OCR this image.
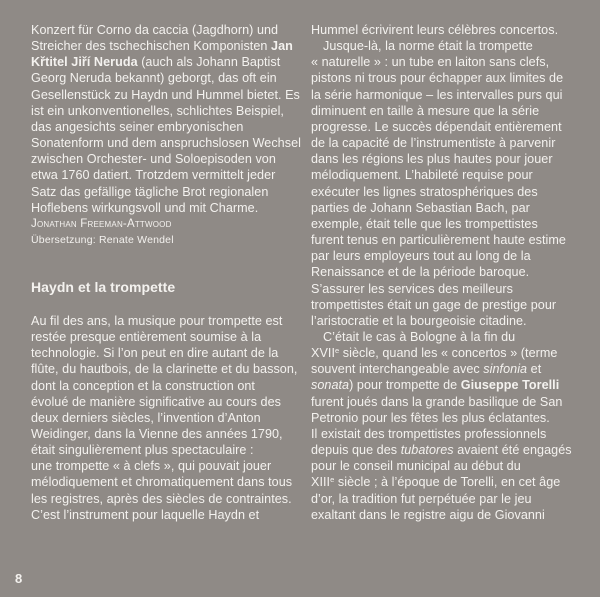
Konzert für Corno da caccia (Jagdhorn) und
Streicher des tschechischen Komponisten Jan
Křtitel Jiří Neruda (auch als Johann Baptist
Georg Neruda bekannt) geborgt, das oft ein
Gesellenstück zu Haydn und Hummel bietet. Es
ist ein unkonventionelles, schlichtes Beispiel,
das angesichts seiner embryonischen
Sonatenform und dem anspruchslosen Wechsel
zwischen Orchester- und Soloepisoden von
etwa 1760 datiert. Trotzdem vermittelt jeder
Satz das gefällige tägliche Brot regionalen
Hoflebens wirkungsvoll und mit Charme.
Jonathan Freeman-Attwood
Übersetzung: Renate Wendel
Haydn et la trompette
Au fil des ans, la musique pour trompette est
restée presque entièrement soumise à la
technologie. Si l’on peut en dire autant de la
flûte, du hautbois, de la clarinette et du basson,
dont la conception et la construction ont
évolué de manière significative au cours des
deux derniers siècles, l’invention d’Anton
Weidinger, dans la Vienne des années 1790,
était singulièrement plus spectaculaire :
une trompette « à clefs », qui pouvait jouer
mélodiquement et chromatiquement dans tous
les registres, après des siècles de contraintes.
C’est l’instrument pour laquelle Haydn et
Hummel écrivirent leurs célèbres concertos.
Jusque-là, la norme était la trompette
« naturelle » : un tube en laiton sans clefs,
pistons ni trous pour échapper aux limites de
la série harmonique – les intervalles purs qui
diminuent en taille à mesure que la série
progresse. Le succès dépendait entièrement
de la capacité de l’instrumentiste à parvenir
dans les régions les plus hautes pour jouer
mélodiquement. L’habileté requise pour
exécuter les lignes stratosphériques des
parties de Johann Sebastian Bach, par
exemple, était telle que les trompettistes
furent tenus en particulièrement haute estime
par leurs employeurs tout au long de la
Renaissance et de la période baroque.
S’assurer les services des meilleurs
trompettistes était un gage de prestige pour
l’aristocratie et la bourgeoisie citadine.
C’était le cas à Bologne à la fin du
XVIIe siècle, quand les « concertos » (terme
souvent interchangeable avec sinfonia et
sonata) pour trompette de Giuseppe Torelli
furent joués dans la grande basilique de San
Petronio pour les fêtes les plus éclatantes.
Il existait des trompettistes professionnels
depuis que des tubatores avaient été engagés
pour le conseil municipal au début du
XIIIe siècle ; à l’époque de Torelli, en cet âge
d’or, la tradition fut perpétuée par le jeu
exaltant dans le registre aigu de Giovanni
8
